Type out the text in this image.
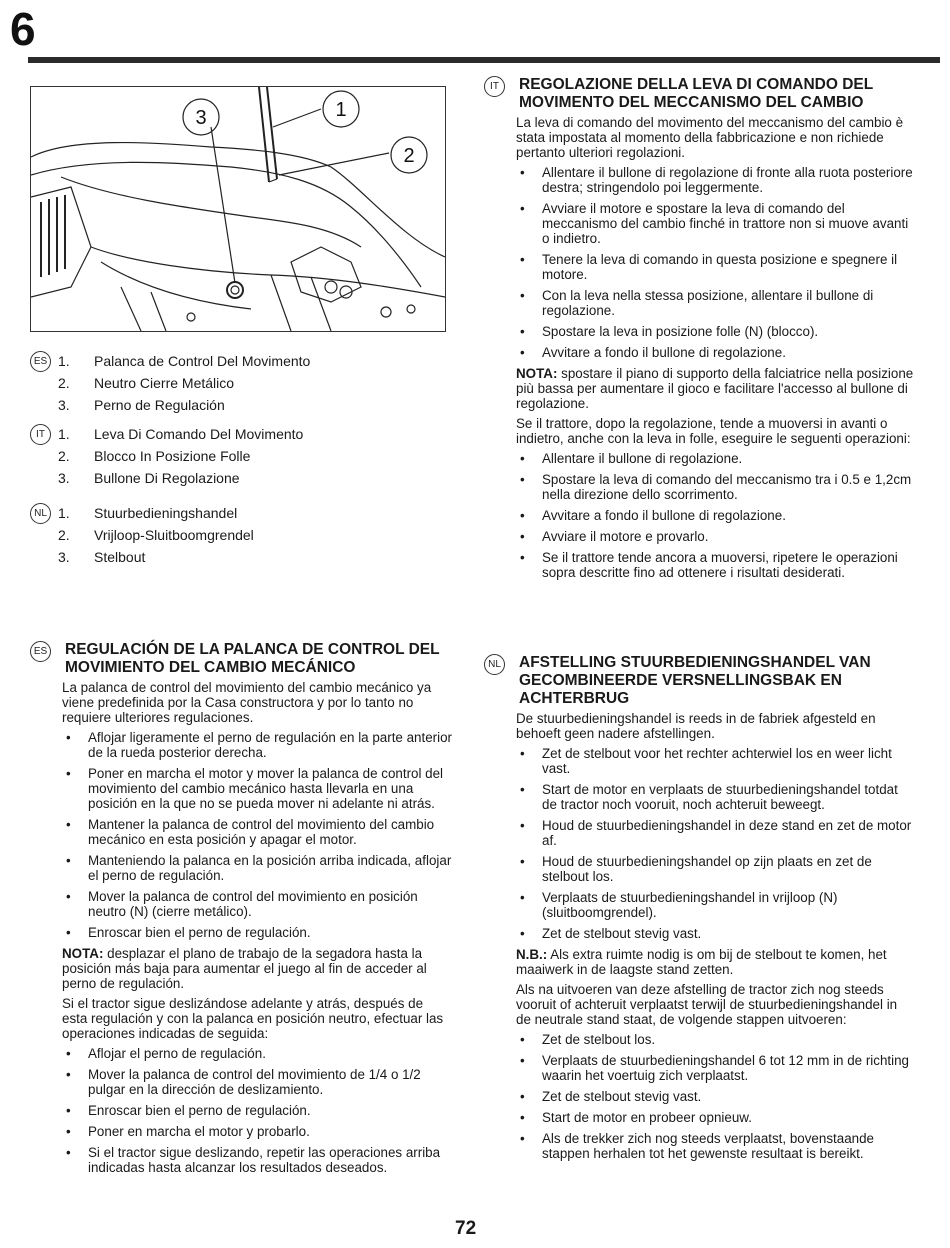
6
3	1
2
ES 1.	Palanca de Control Del Movimento
2.	Neutro Cierre Metálico
3.	Perno de Regulación
IT 1.	Leva Di Comando Del Movimento
2.	Blocco In Posizione Folle
3.	Bullone Di Regolazione
NL 1.	Stuurbedieningshandel
2.	Vrijloop-Sluitboomgrendel
3.	Stelbout
IT	REGOLAZIONE DELLA LEVA DI COMANDO DEL MOVIMENTO DEL MECCANISMO DEL CAMBIO

La leva di comando del movimento del meccanismo del cambio è stata impostata al momento della fabbricazione e non richiede pertanto ulteriori regolazioni.

• Allentare il bullone di regolazione di fronte alla ruota posteriore destra; stringendolo poi leggermente.
• Avviare il motore e spostare la leva di comando del meccanismo del cambio finché in trattore non si muove avanti o indietro.
• Tenere la leva di comando in questa posizione e spegnere il motore.
• Con la leva nella stessa posizione, allentare il bullone di regolazione.
• Spostare la leva in posizione folle (N) (blocco).
• Avvitare a fondo il bullone di regolazione.

NOTA: spostare il piano di supporto della falciatrice nella posizione più bassa per aumentare il gioco e facilitare l'accesso al bullone di regolazione.

Se il trattore, dopo la regolazione, tende a muoversi in avanti o indietro, anche con la leva in folle, eseguire le seguenti operazioni:

• Allentare il bullone di regolazione.
• Spostare la leva di comando del meccanismo tra i 0.5 e 1,2cm nella direzione dello scorrimento.
• Avvitare a fondo il bullone di regolazione.
• Avviare il motore e provarlo.
• Se il trattore tende ancora a muoversi, ripetere le operazioni sopra descritte fino ad ottenere i risultati desiderati.
ES REGULACIÓN DE LA PALANCA DE CONTROL DEL MOVIMIENTO DEL CAMBIO MECÁNICO

La palanca de control del movimiento del cambio mecánico ya viene predefinida por la Casa constructora y por lo tanto no requiere ulteriores regulaciones.

• Aflojar ligeramente el perno de regulación en la parte anterior de la rueda posterior derecha.
• Poner en marcha el motor y mover la palanca de control del movimiento del cambio mecánico hasta llevarla en una posición en la que no se pueda mover ni adelante ni atrás.
• Mantener la palanca de control del movimiento del cambio mecánico en esta posición y apagar el motor.
• Manteniendo la palanca en la posición arriba indicada, aflojar el perno de regulación.
• Mover la palanca de control del movimiento en posición neutro (N) (cierre metálico).
• Enroscar bien el perno de regulación.

NOTA: desplazar el plano de trabajo de la segadora hasta la posición más baja para aumentar el juego al fin de acceder al perno de regulación.

Si el tractor sigue deslizándose adelante y atrás, después de esta regulación y con la palanca en posición neutro, efectuar las operaciones indicadas de seguida:

• Aflojar el perno de regulación.
• Mover la palanca de control del movimiento de 1/4 o 1/2 pulgar en la dirección de deslizamiento.
• Enroscar bien el perno de regulación.
• Poner en marcha el motor y probarlo.
• Si el tractor sigue deslizando, repetir las operaciones arriba indicadas hasta alcanzar los resultados deseados.
NL AFSTELLING STUURBEDIENINGSHANDEL VAN GECOMBINEERDE VERSNELLINGSBAK EN ACHTERBRUG

De stuurbedieningshandel is reeds in de fabriek afgesteld en behoeft geen nadere afstellingen.

• Zet de stelbout voor het rechter achterwiel los en weer licht vast.
• Start de motor en verplaats de stuurbedieningshandel totdat de tractor noch vooruit, noch achteruit beweegt.
• Houd de stuurbedieningshandel in deze stand en zet de motor af.
• Houd de stuurbedieningshandel op zijn plaats en zet de stelbout los.
• Verplaats de stuurbedieningshandel in vrijloop (N) (sluitboomgrendel).
• Zet de stelbout stevig vast.

N.B.: Als extra ruimte nodig is om bij de stelbout te komen, het maaiwerk in de laagste stand zetten.

Als na uitvoeren van deze afstelling de tractor zich nog steeds vooruit of achteruit verplaatst terwijl de stuurbedieningshandel in de neutrale stand staat, de volgende stappen uitvoeren:

• Zet de stelbout los.
• Verplaats de stuurbedieningshandel 6 tot 12 mm in de richting waarin het voertuig zich verplaatst.
• Zet de stelbout stevig vast.
• Start de motor en probeer opnieuw.
• Als de trekker zich nog steeds verplaatst, bovenstaande stappen herhalen tot het gewenste resultaat is bereikt.
72
